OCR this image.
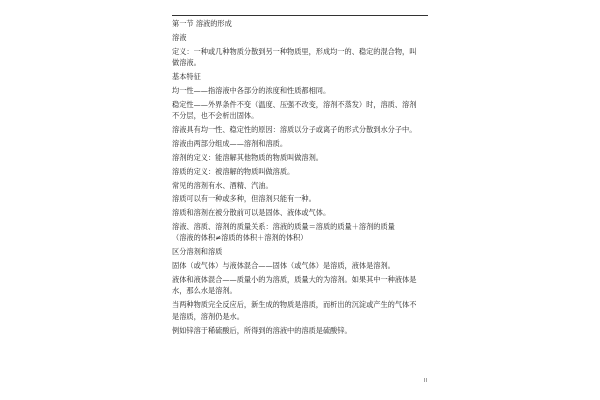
第一节 溶液的形成
溶液
定义：一种或几种物质分散到另一种物质里，形成均一的、稳定的混合物，叫
做溶液。
基本特征
均一性——指溶液中各部分的浓度和性质都相同。
稳定性——外界条件不变（温度、压强不改变，溶剂不蒸发）时，溶质、溶剂
不分层，也不会析出固体。
溶液具有均一性、稳定性的原因：溶质以分子或离子的形式分散到水分子中。
溶液由两部分组成——溶剂和溶质。
溶剂的定义：能溶解其他物质的物质叫做溶剂。
溶质的定义：被溶解的物质叫做溶质。
常见的溶剂有水、酒精、汽油。
溶质可以有一种或多种，但溶剂只能有一种。
溶质和溶剂在被分散前可以是固体、液体或气体。
溶液、溶质、溶剂的质量关系：溶液的质量＝溶质的质量＋溶剂的质量
（溶液的体积≠溶质的体积＋溶剂的体积）
区分溶剂和溶质
固体（或气体）与液体混合——固体（或气体）是溶质，液体是溶剂。
液体和液体混合——质量小的为溶质，质量大的为溶剂。如果其中一种液体是
水，那么水是溶剂。
当两种物质完全反应后，新生成的物质是溶质，而析出的沉淀或产生的气体不
是溶质，溶剂仍是水。
例如锌溶于稀硫酸后，所得到的溶液中的溶质是硫酸锌。
II
